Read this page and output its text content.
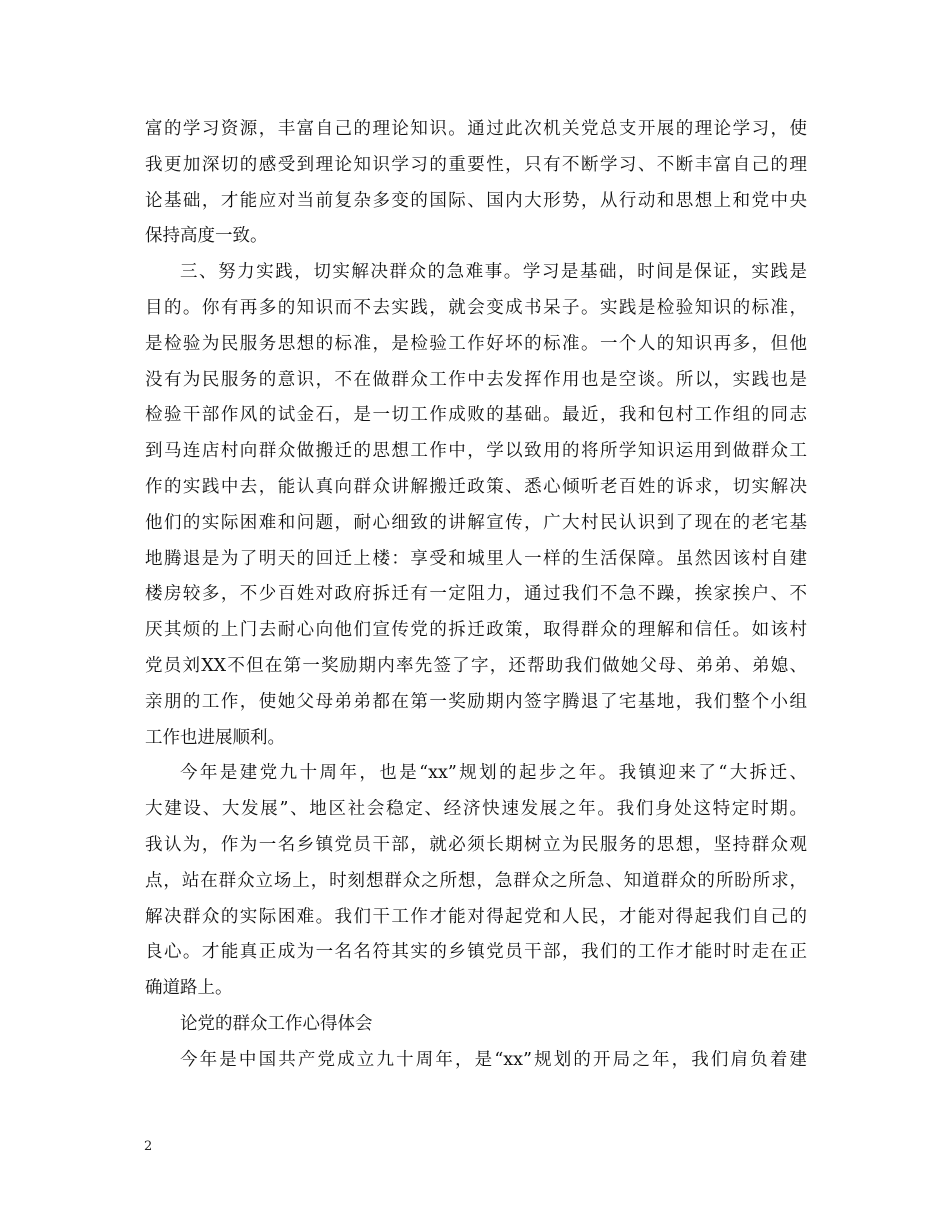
富的学习资源，丰富自己的理论知识。通过此次机关党总支开展的理论学习，使
我更加深切的感受到理论知识学习的重要性，只有不断学习、不断丰富自己的理
论基础，才能应对当前复杂多变的国际、国内大形势，从行动和思想上和党中央
保持高度一致。
三、努力实践，切实解决群众的急难事。学习是基础，时间是保证，实践是
目的。你有再多的知识而不去实践，就会变成书呆子。实践是检验知识的标准，
是检验为民服务思想的标准，是检验工作好坏的标准。一个人的知识再多，但他
没有为民服务的意识，不在做群众工作中去发挥作用也是空谈。所以，实践也是
检验干部作风的试金石，是一切工作成败的基础。最近，我和包村工作组的同志
到马连店村向群众做搬迁的思想工作中，学以致用的将所学知识运用到做群众工
作的实践中去，能认真向群众讲解搬迁政策、悉心倾听老百姓的诉求，切实解决
他们的实际困难和问题，耐心细致的讲解宣传，广大村民认识到了现在的老宅基
地腾退是为了明天的回迁上楼：享受和城里人一样的生活保障。虽然因该村自建
楼房较多，不少百姓对政府拆迁有一定阻力，通过我们不急不躁，挨家挨户、不
厌其烦的上门去耐心向他们宣传党的拆迁政策，取得群众的理解和信任。如该村
党员刘XX不但在第一奖励期内率先签了字，还帮助我们做她父母、弟弟、弟媳、
亲朋的工作，使她父母弟弟都在第一奖励期内签字腾退了宅基地，我们整个小组
工作也进展顺利。
今年是建党九十周年，也是“xx”规划的起步之年。我镇迎来了“大拆迁、
大建设、大发展”、地区社会稳定、经济快速发展之年。我们身处这特定时期。
我认为，作为一名乡镇党员干部，就必须长期树立为民服务的思想，坚持群众观
点，站在群众立场上，时刻想群众之所想，急群众之所急、知道群众的所盼所求，
解决群众的实际困难。我们干工作才能对得起党和人民，才能对得起我们自己的
良心。才能真正成为一名名符其实的乡镇党员干部，我们的工作才能时时走在正
确道路上。
论党的群众工作心得体会
今年是中国共产党成立九十周年，是“xx”规划的开局之年，我们肩负着建
2
